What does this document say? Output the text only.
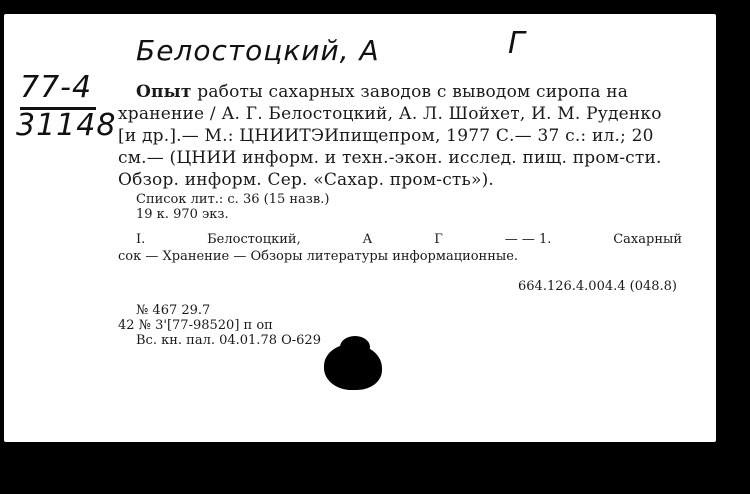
Белостоцкий, А	Г
77-4
31148
Опыт работы сахарных заводов с выводом сиропа на
хранение / А. Г. Белостоцкий, А. Л. Шойхет, И. М. Руденко
[и др.].— М.: ЦНИИТЭИпищепром, 1977 С.— 37 с.: ил.; 20
см.— (ЦНИИ информ. и техн.-экон. исслед. пищ. пром-сти.
Обзор. информ. Сер. «Сахар. пром-сть»).
Список лит.: с. 36 (15 назв.)
19 к. 970 экз.
I.	Белостоцкий,	А	Г	— — 1.	Сахарный
сок — Хранение — Обзоры литературы информационные.
664.126.4.004.4 (048.8)
№ 467 29.7
42 № 3'[77-98520] п оп
Вс. кн. пал. 04.01.78 О-629
